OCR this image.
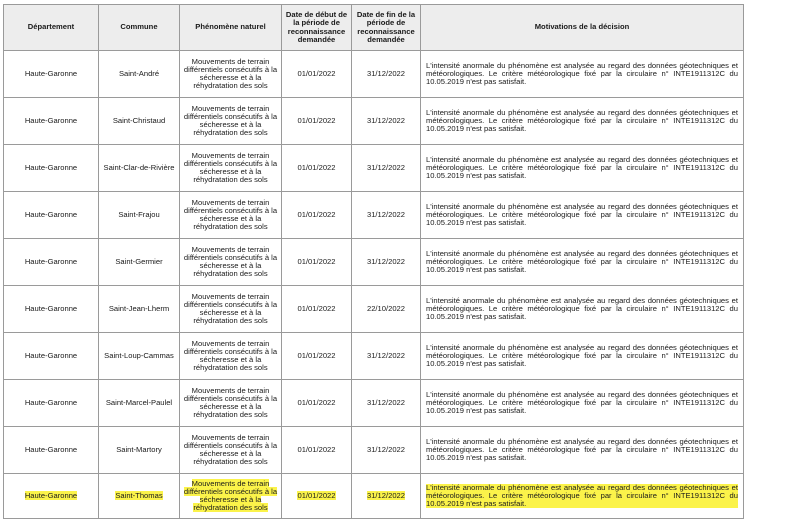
Département	Commune	Phénomène naturel	Date de début de la période de reconnaissance demandée	Date de fin de la période de reconnaissance demandée	Motivations de la décision
Haute-Garonne	Saint-André	Mouvements de terrain différentiels consécutifs à la sécheresse et à la réhydratation des sols	01/01/2022	31/12/2022	L'intensité anormale du phénomène est analysée au regard des données géotechniques et météorologiques. Le critère météorologique fixé par la circulaire n° INTE1911312C du 10.05.2019 n'est pas satisfait.

Haute-Garonne	Saint-Christaud	Mouvements de terrain différentiels consécutifs à la sécheresse et à la réhydratation des sols	01/01/2022	31/12/2022	L'intensité anormale du phénomène est analysée au regard des données géotechniques et météorologiques. Le critère météorologique fixé par la circulaire n° INTE1911312C du 10.05.2019 n'est pas satisfait.

Haute-Garonne	Saint-Clar-de-Rivière	Mouvements de terrain différentiels consécutifs à la sécheresse et à la réhydratation des sols	01/01/2022	31/12/2022	L'intensité anormale du phénomène est analysée au regard des données géotechniques et météorologiques. Le critère météorologique fixé par la circulaire n° INTE1911312C du 10.05.2019 n'est pas satisfait.

Haute-Garonne	Saint-Frajou	Mouvements de terrain différentiels consécutifs à la sécheresse et à la réhydratation des sols	01/01/2022	31/12/2022	L'intensité anormale du phénomène est analysée au regard des données géotechniques et météorologiques. Le critère météorologique fixé par la circulaire n° INTE1911312C du 10.05.2019 n'est pas satisfait.

Haute-Garonne	Saint-Germier	Mouvements de terrain différentiels consécutifs à la sécheresse et à la réhydratation des sols	01/01/2022	31/12/2022	L'intensité anormale du phénomène est analysée au regard des données géotechniques et météorologiques. Le critère météorologique fixé par la circulaire n° INTE1911312C du 10.05.2019 n'est pas satisfait.

Haute-Garonne	Saint-Jean-Lherm	Mouvements de terrain différentiels consécutifs à la sécheresse et à la réhydratation des sols	01/01/2022	22/10/2022	L'intensité anormale du phénomène est analysée au regard des données géotechniques et météorologiques. Le critère météorologique fixé par la circulaire n° INTE1911312C du 10.05.2019 n'est pas satisfait.

Haute-Garonne	Saint-Loup-Cammas	Mouvements de terrain différentiels consécutifs à la sécheresse et à la réhydratation des sols	01/01/2022	31/12/2022	L'intensité anormale du phénomène est analysée au regard des données géotechniques et météorologiques. Le critère météorologique fixé par la circulaire n° INTE1911312C du 10.05.2019 n'est pas satisfait.

Haute-Garonne	Saint-Marcel-Paulel	Mouvements de terrain différentiels consécutifs à la sécheresse et à la réhydratation des sols	01/01/2022	31/12/2022	L'intensité anormale du phénomène est analysée au regard des données géotechniques et météorologiques. Le critère météorologique fixé par la circulaire n° INTE1911312C du 10.05.2019 n'est pas satisfait.

Haute-Garonne	Saint-Martory	Mouvements de terrain différentiels consécutifs à la sécheresse et à la réhydratation des sols	01/01/2022	31/12/2022	L'intensité anormale du phénomène est analysée au regard des données géotechniques et météorologiques. Le critère météorologique fixé par la circulaire n° INTE1911312C du 10.05.2019 n'est pas satisfait.

Haute-Garonne	Saint-Thomas	Mouvements de terrain différentiels consécutifs à la sécheresse et à la réhydratation des sols	01/01/2022	31/12/2022	L'intensité anormale du phénomène est analysée au regard des données géotechniques et météorologiques. Le critère météorologique fixé par la circulaire n° INTE1911312C du 10.05.2019 n'est pas satisfait.
